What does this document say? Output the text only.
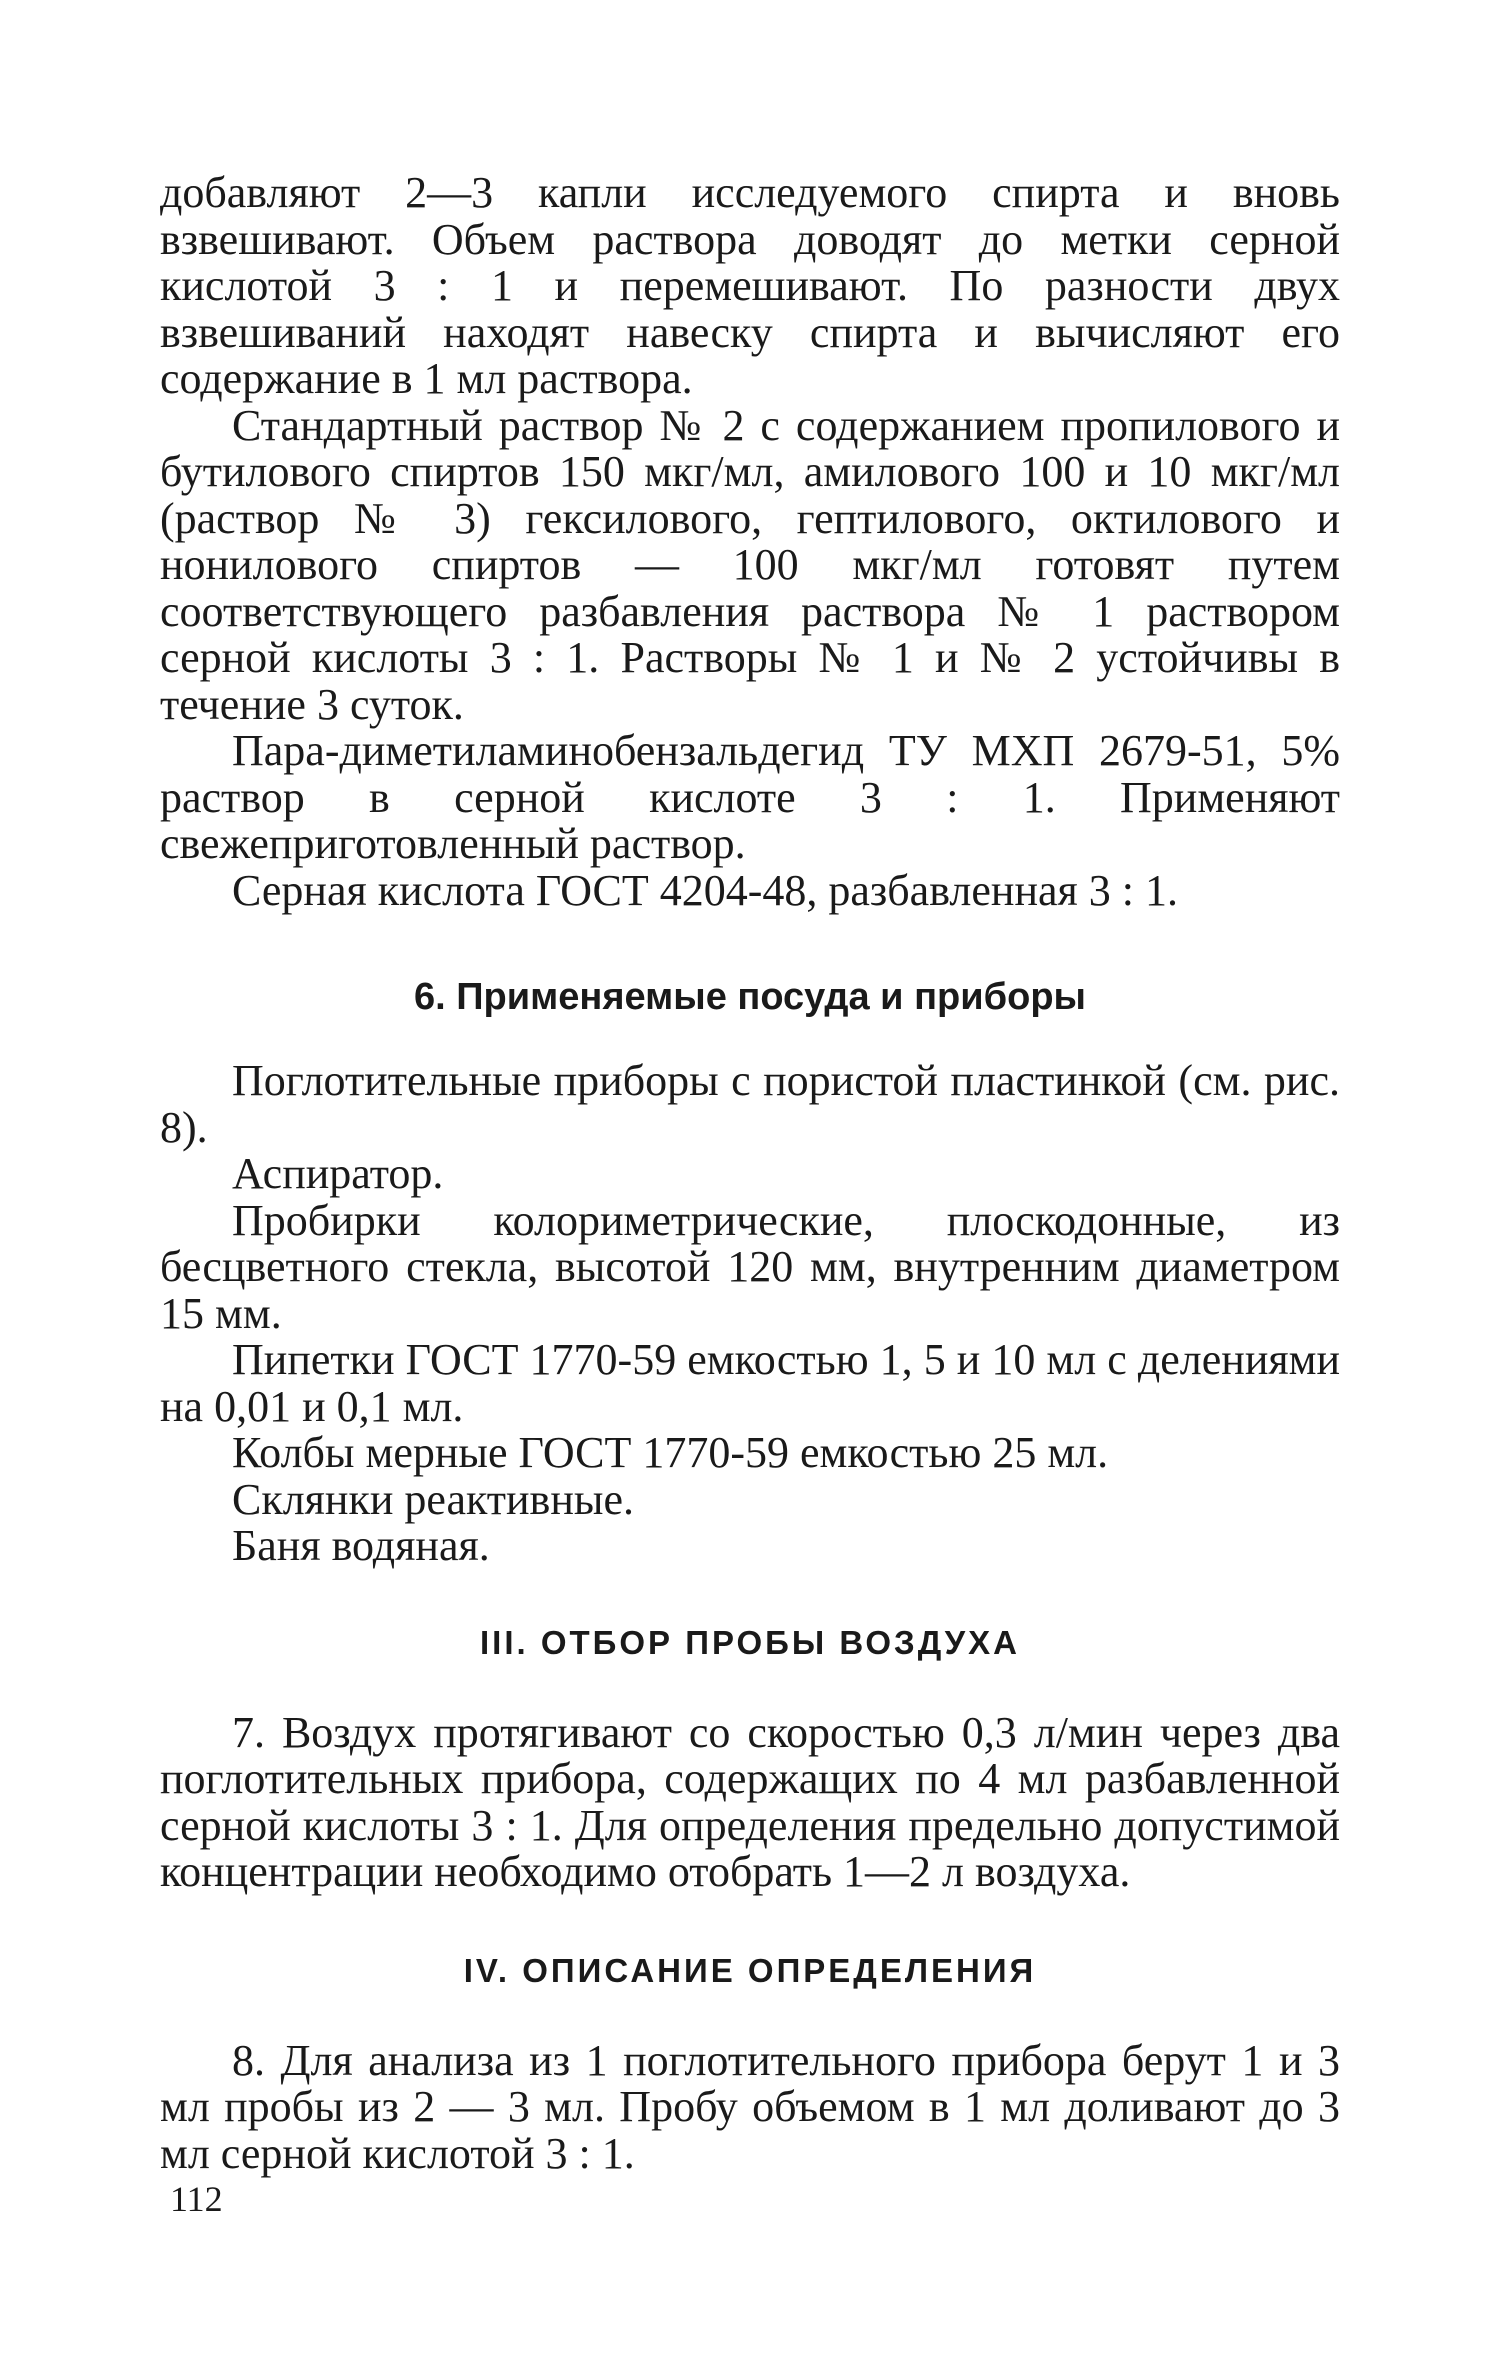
добавляют 2—3 капли исследуемого спирта и вновь взвешивают. Объем раствора доводят до метки серной кислотой 3 : 1 и перемешивают. По разности двух взвешиваний находят навеску спирта и вычисляют его содержание в 1 мл раствора.

Стандартный раствор № 2 с содержанием пропилового и бутилового спиртов 150 мкг/мл, амилового 100 и 10 мкг/мл (раствор № 3) гексилового, гептилового, октилового и нонилового спиртов — 100 мкг/мл готовят путем соответствующего разбавления раствора № 1 раствором серной кислоты 3 : 1. Растворы № 1 и № 2 устойчивы в течение 3 суток.

Пара-диметиламинобензальдегид ТУ МХП 2679-51, 5% раствор в серной кислоте 3 : 1. Применяют свежеприготовленный раствор.

Серная кислота ГОСТ 4204-48, разбавленная 3 : 1.

6. Применяемые посуда и приборы

Поглотительные приборы с пористой пластинкой (см. рис. 8).

Аспиратор.

Пробирки колориметрические, плоскодонные, из бесцветного стекла, высотой 120 мм, внутренним диаметром 15 мм.

Пипетки ГОСТ 1770-59 емкостью 1, 5 и 10 мл с делениями на 0,01 и 0,1 мл.

Колбы мерные ГОСТ 1770-59 емкостью 25 мл.

Склянки реактивные.

Баня водяная.

III. ОТБОР ПРОБЫ ВОЗДУХА

7. Воздух протягивают со скоростью 0,3 л/мин через два поглотительных прибора, содержащих по 4 мл разбавленной серной кислоты 3 : 1. Для определения предельно допустимой концентрации необходимо отобрать 1—2 л воздуха.

IV. ОПИСАНИЕ ОПРЕДЕЛЕНИЯ

8. Для анализа из 1 поглотительного прибора берут 1 и 3 мл пробы из 2 — 3 мл. Пробу объемом в 1 мл доливают до 3 мл серной кислотой 3 : 1.

112
